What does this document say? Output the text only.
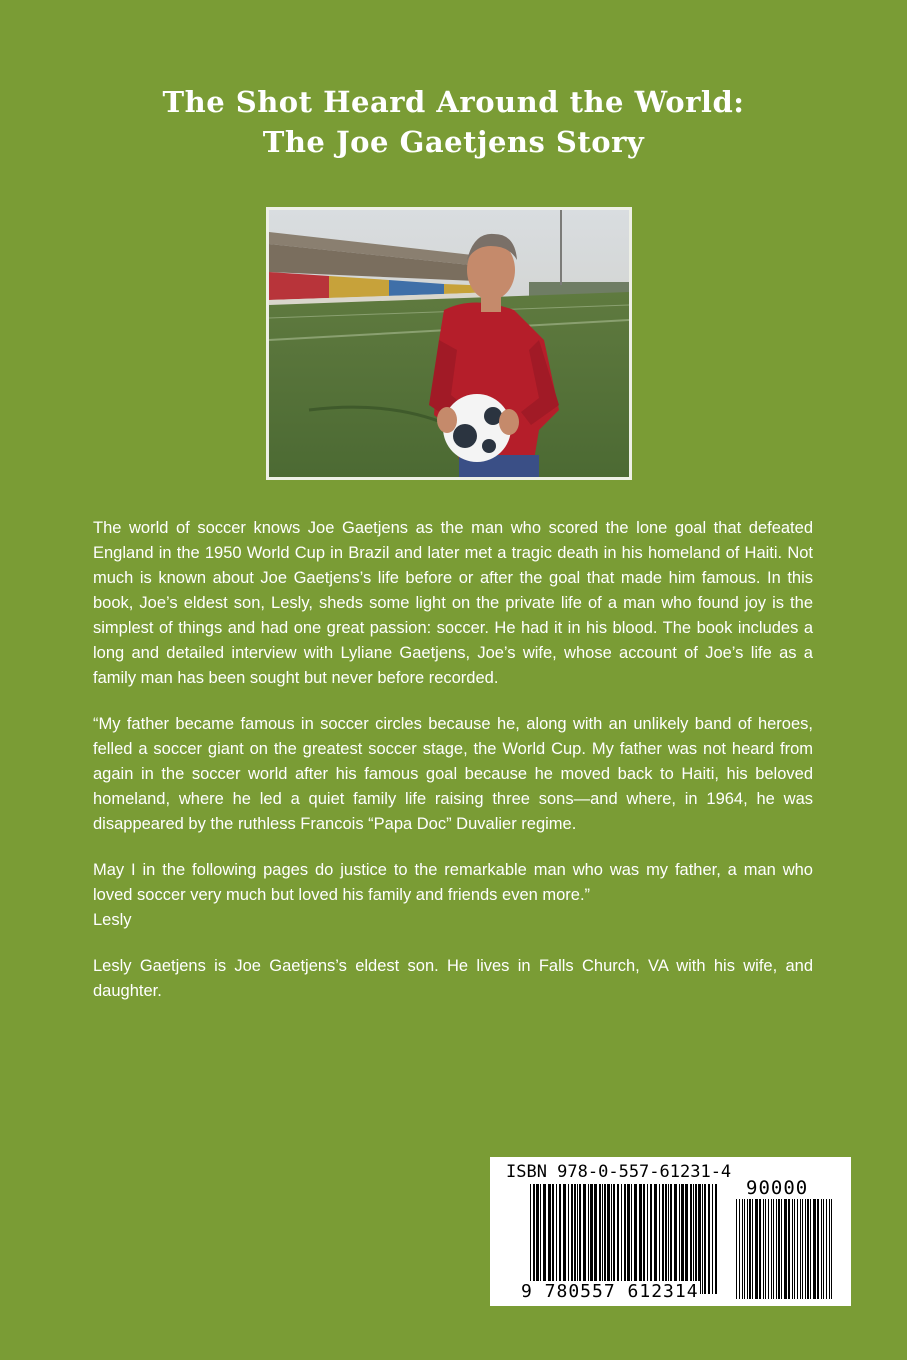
The Shot Heard Around the World:
The Joe Gaetjens Story

The world of soccer knows Joe Gaetjens as the man who scored the lone goal that defeated England in the 1950 World Cup in Brazil and later met a tragic death in his homeland of Haiti. Not much is known about Joe Gaetjens’s life before or after the goal that made him famous. In this book, Joe’s eldest son, Lesly, sheds some light on the private life of a man who found joy is the simplest of things and had one great passion: soccer. He had it in his blood. The book includes a long and detailed interview with Lyliane Gaetjens, Joe’s wife, whose account of Joe’s life as a family man has been sought but never before recorded.

“My father became famous in soccer circles because he, along with an unlikely band of heroes, felled a soccer giant on the greatest soccer stage, the World Cup. My father was not heard from again in the soccer world after his famous goal because he moved back to Haiti, his beloved homeland, where he led a quiet family life raising three sons—and where, in 1964, he was disappeared by the ruthless Francois “Papa Doc” Duvalier regime.

May I in the following pages do justice to the remarkable man who was my father, a man who loved soccer very much but loved his family and friends even more.”

Lesly

Lesly Gaetjens is Joe Gaetjens’s eldest son. He lives in Falls Church, VA with his wife, and daughter.

ISBN 978-0-557-61231-4
90000
9 780557 612314
